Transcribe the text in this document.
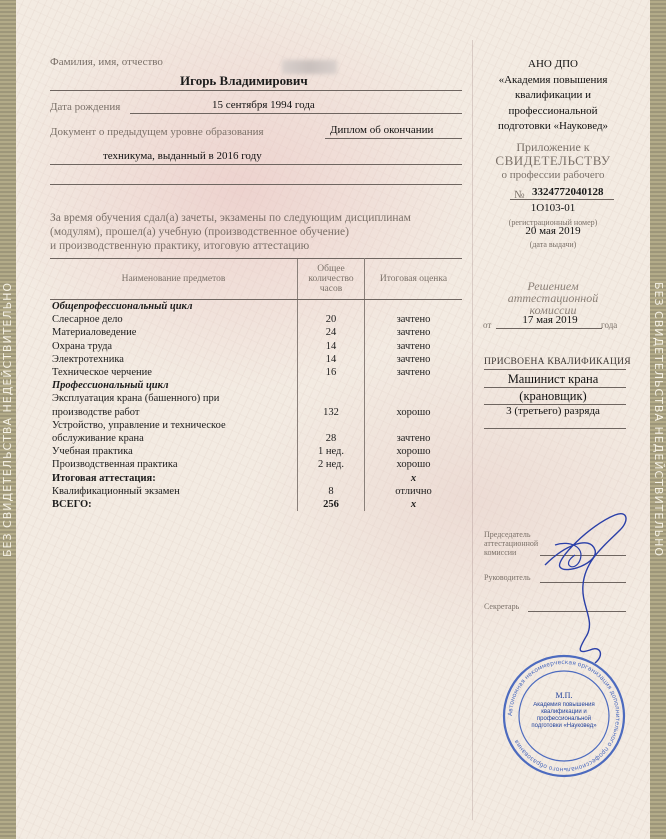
БЕЗ СВИДЕТЕЛЬСТВА НЕДЕЙСТВИТЕЛЬНО	БЕЗ СВИДЕТЕЛЬСТВА НЕДЕЙСТВИТЕЛЬНО
Фамилия, имя, отчество
Игорь Владимирович
Дата рождения	15 сентября 1994 года
Документ о предыдущем уровне образования	Диплом об окончании
техникума, выданный в 2016 году
За время обучения сдал(а) зачеты, экзамены по следующим дисциплинам
(модулям), прошел(а) учебную (производственное обучение)
и производственную практику, итоговую аттестацию
Наименование предметов	Общее количество часов	Итоговая оценка
Общепрофессиональный цикл		
Слесарное дело	20	зачтено
Материаловедение	24	зачтено
Охрана труда	14	зачтено
Электротехника	14	зачтено
Техническое черчение	16	зачтено
Профессиональный цикл		
Эксплуатация крана (башенного) при		
производстве работ	132	хорошо
Устройство, управление и техническое		
обслуживание крана	28	зачтено
Учебная практика	1 нед.	хорошо
Производственная практика	2 нед.	хорошо
Итоговая аттестация:		x
Квалификационный экзамен	8	отлично
ВСЕГО:	256	x
АНО ДПО
«Академия повышения
квалификации и
профессиональной
подготовки «Науковед»
Приложение к
СВИДЕТЕЛЬСТВУ
о профессии рабочего
№ 3324772040128
1О103-01
(регистрационный номер)
20 мая 2019
(дата выдачи)
Решением
аттестационной
комиссии
от	17 мая 2019	года
ПРИСВОЕНА КВАЛИФИКАЦИЯ
Машинист крана
(крановщик)
3 (третьего) разряда
Председатель аттестационной комиссии
Руководитель
Секретарь
Автономная некоммерческая организация дополнительного профессионального образования
М.П.
Академия повышения квалификации и профессиональной подготовки «Науковед»
